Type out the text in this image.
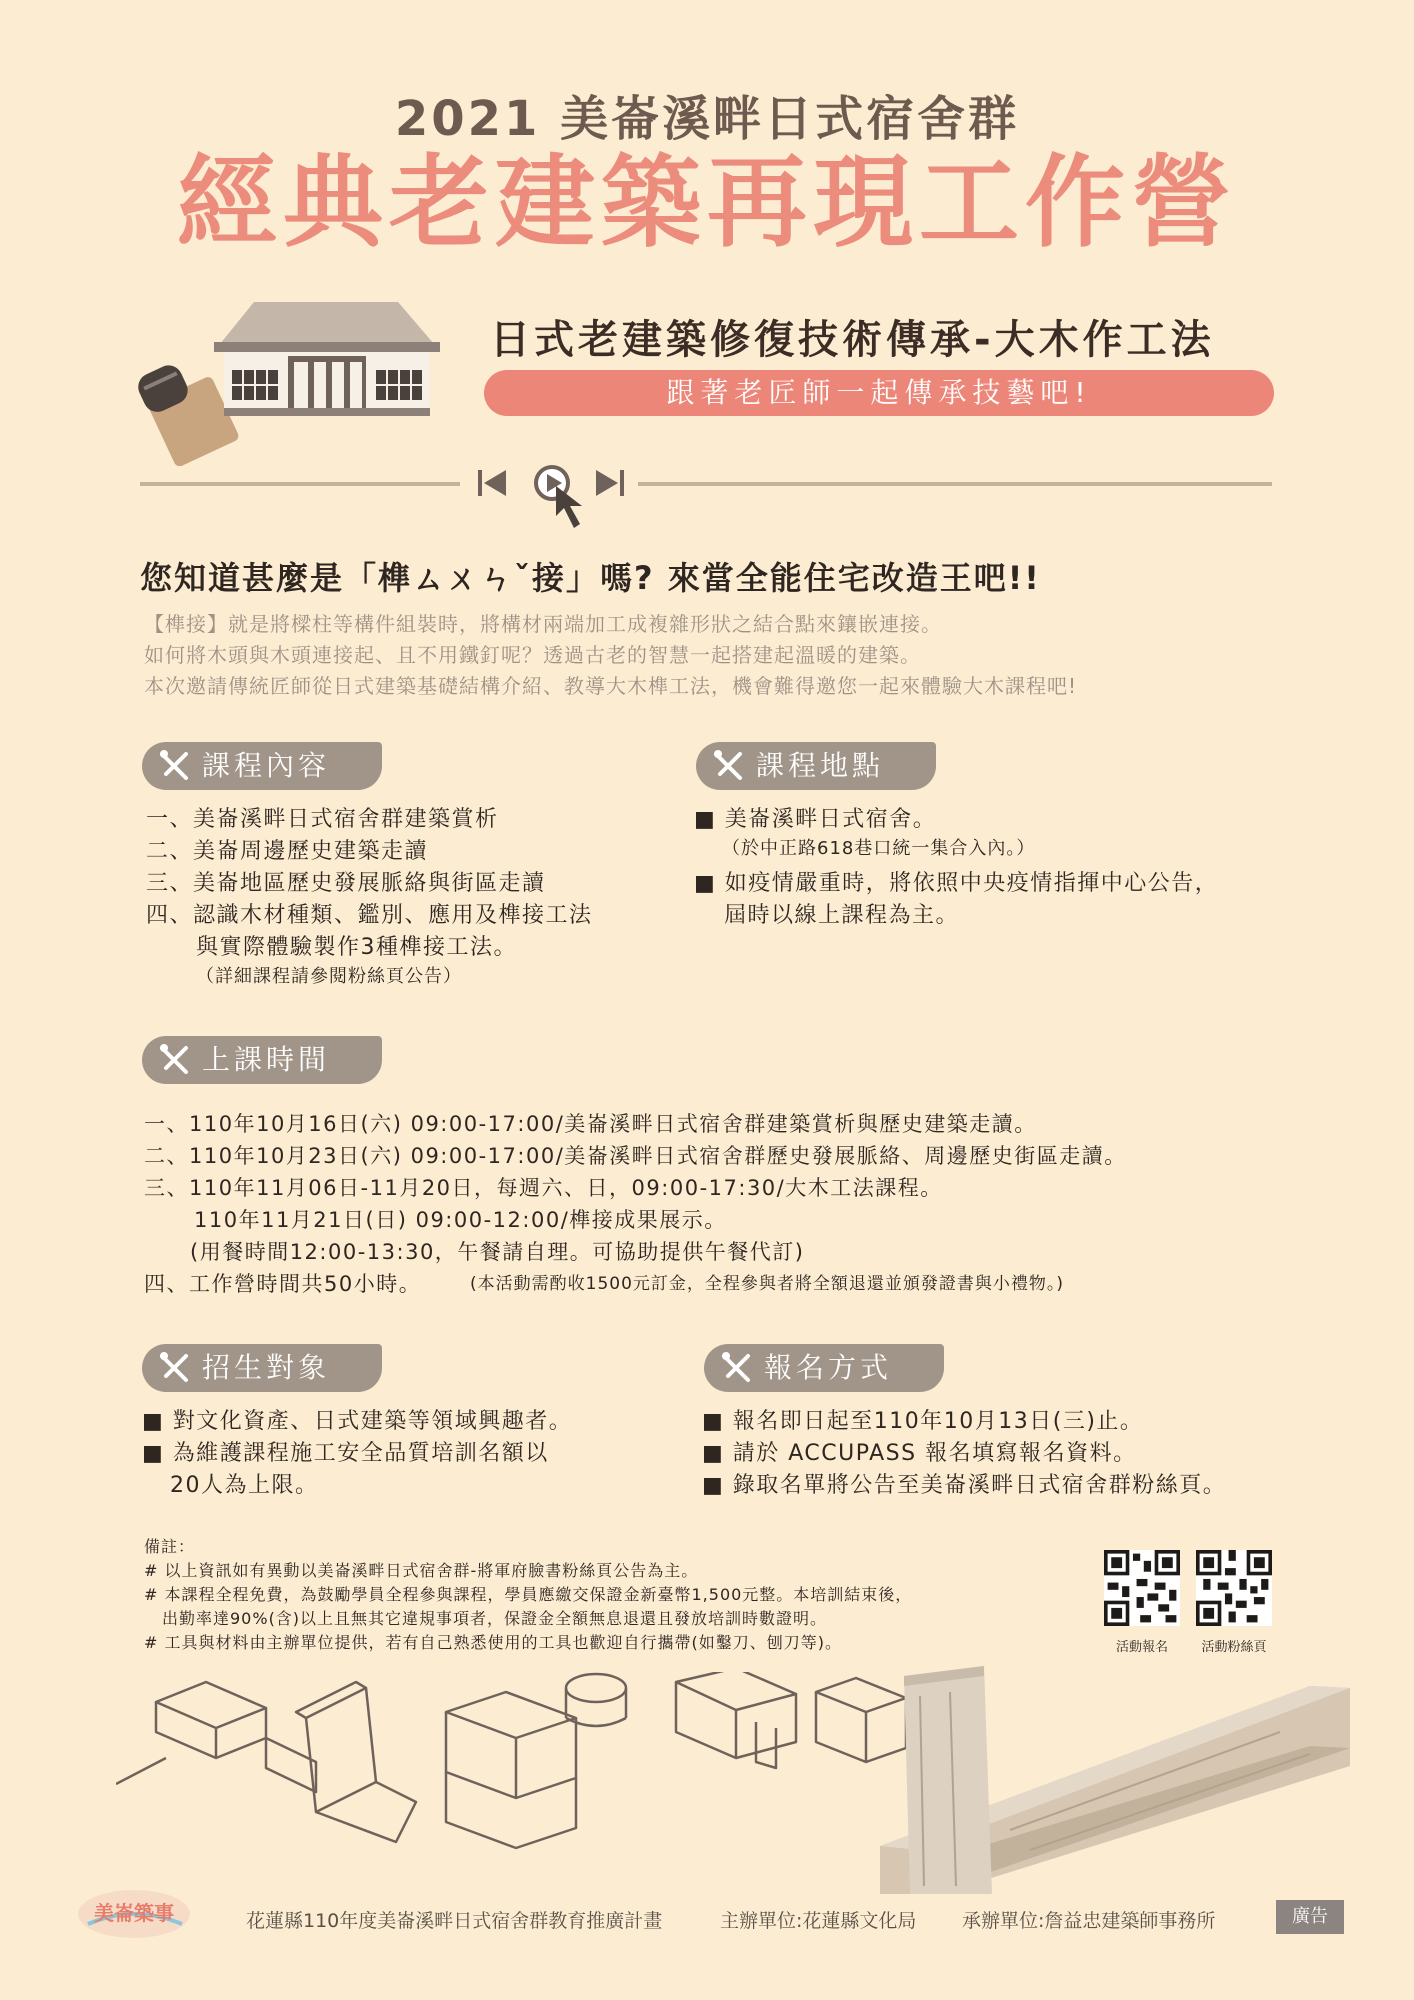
2021 美崙溪畔日式宿舍群
經典老建築再現工作營
日式老建築修復技術傳承-大木作工法
跟著老匠師一起傳承技藝吧!
您知道甚麼是「榫ㄙㄨㄣˇ接」嗎? 來當全能住宅改造王吧!!
【榫接】就是將樑柱等構件組裝時，將構材兩端加工成複雜形狀之結合點來鑲嵌連接。
如何將木頭與木頭連接起、且不用鐵釘呢？透過古老的智慧一起搭建起溫暖的建築。
本次邀請傳統匠師從日式建築基礎結構介紹、教導大木榫工法，機會難得邀您一起來體驗大木課程吧!
課程內容
一、美崙溪畔日式宿舍群建築賞析
二、美崙周邊歷史建築走讀
三、美崙地區歷史發展脈絡與街區走讀
四、認識木材種類、鑑別、應用及榫接工法
與實際體驗製作3種榫接工法。
（詳細課程請參閱粉絲頁公告）
課程地點
■ 美崙溪畔日式宿舍。
（於中正路618巷口統一集合入內。）
■ 如疫情嚴重時，將依照中央疫情指揮中心公告，
屆時以線上課程為主。
上課時間
一、110年10月16日(六) 09:00-17:00/美崙溪畔日式宿舍群建築賞析與歷史建築走讀。
二、110年10月23日(六) 09:00-17:00/美崙溪畔日式宿舍群歷史發展脈絡、周邊歷史街區走讀。
三、110年11月06日-11月20日，每週六、日，09:00-17:30/大木工法課程。
110年11月21日(日) 09:00-12:00/榫接成果展示。
(用餐時間12:00-13:30，午餐請自理。可協助提供午餐代訂)
四、工作營時間共50小時。	(本活動需酌收1500元訂金，全程參與者將全額退還並頒發證書與小禮物。)
招生對象
■ 對文化資產、日式建築等領域興趣者。
■ 為維護課程施工安全品質培訓名額以
20人為上限。
報名方式
■ 報名即日起至110年10月13日(三)止。
■ 請於 ACCUPASS 報名填寫報名資料。
■ 錄取名單將公告至美崙溪畔日式宿舍群粉絲頁。
備註：
# 以上資訊如有異動以美崙溪畔日式宿舍群-將軍府臉書粉絲頁公告為主。
# 本課程全程免費，為鼓勵學員全程參與課程，學員應繳交保證金新臺幣1,500元整。本培訓結束後，
出勤率達90%(含)以上且無其它違規事項者，保證金全額無息退還且發放培訓時數證明。
# 工具與材料由主辦單位提供，若有自己熟悉使用的工具也歡迎自行攜帶(如鑿刀、刨刀等)。	活動報名	活動粉絲頁
美崙築事	花蓮縣110年度美崙溪畔日式宿舍群教育推廣計畫	主辦單位:花蓮縣文化局 承辦單位:詹益忠建築師事務所	廣告
